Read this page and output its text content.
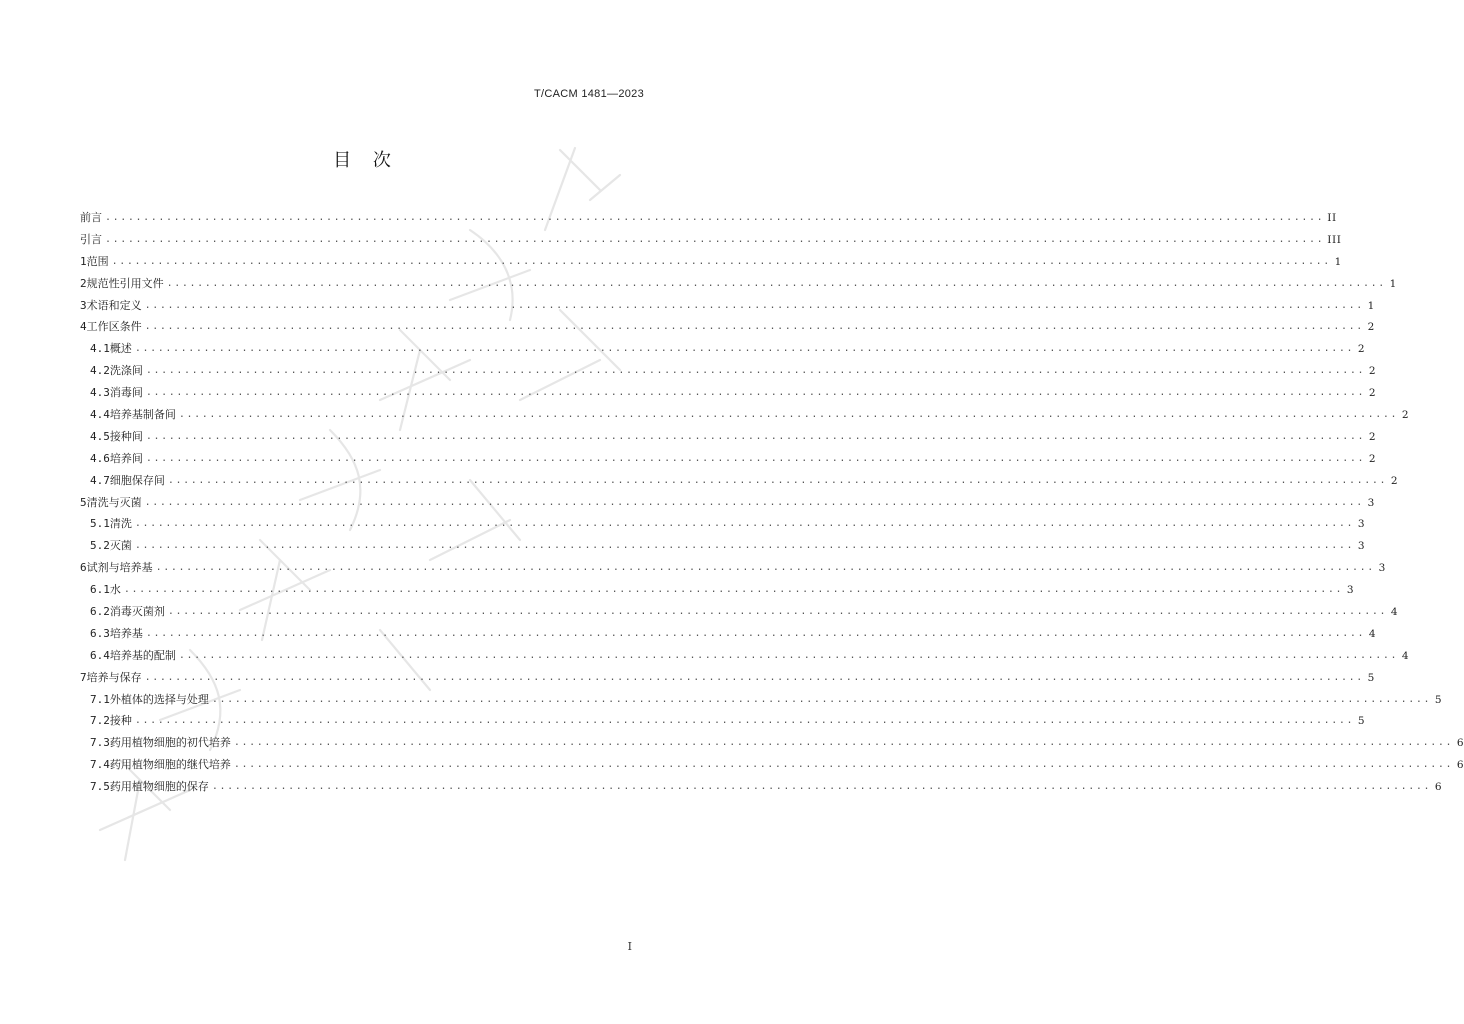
T/CACM 1481—2023
目 次
前言 ................................................................................................................................................................ II
引言 ................................................................................................................................................................ III
1 范围 ................................................................................................................................................................ 1
2 规范性引用文件 ................................................................................................................................................................ 1
3 术语和定义 ................................................................................................................................................................ 1
4 工作区条件 ................................................................................................................................................................ 2
4.1 概述 ................................................................................................................................................................ 2
4.2 洗涤间 ................................................................................................................................................................ 2
4.3 消毒间 ................................................................................................................................................................ 2
4.4 培养基制备间 ................................................................................................................................................................ 2
4.5 接种间 ................................................................................................................................................................ 2
4.6 培养间 ................................................................................................................................................................ 2
4.7 细胞保存间 ................................................................................................................................................................ 2
5 清洗与灭菌 ................................................................................................................................................................ 3
5.1 清洗 ................................................................................................................................................................ 3
5.2 灭菌 ................................................................................................................................................................ 3
6 试剂与培养基 ................................................................................................................................................................ 3
6.1 水 ................................................................................................................................................................ 3
6.2 消毒灭菌剂 ................................................................................................................................................................ 4
6.3 培养基 ................................................................................................................................................................ 4
6.4 培养基的配制 ................................................................................................................................................................ 4
7 培养与保存 ................................................................................................................................................................ 5
7.1 外植体的选择与处理 ................................................................................................................................................................ 5
7.2 接种 ................................................................................................................................................................ 5
7.3 药用植物细胞的初代培养 ................................................................................................................................................................ 6
7.4 药用植物细胞的继代培养 ................................................................................................................................................................ 6
7.5 药用植物细胞的保存 ................................................................................................................................................................ 6
I
